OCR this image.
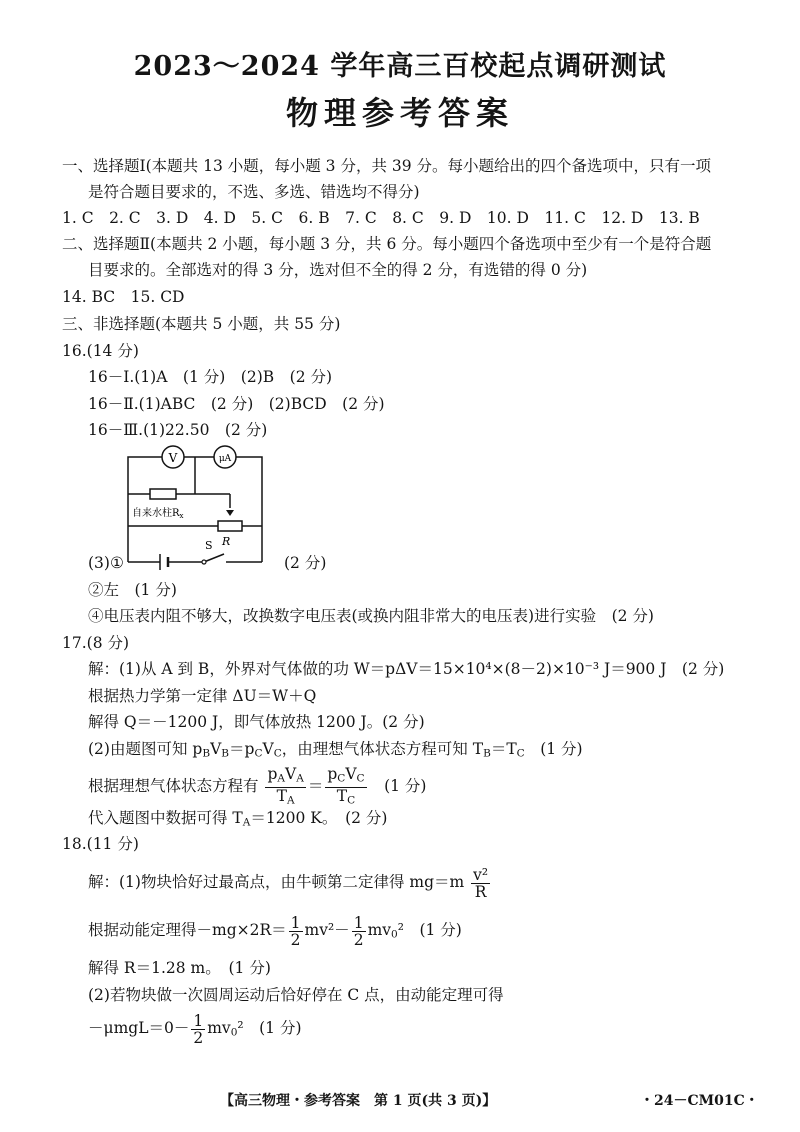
2023～2024 学年高三百校起点调研测试
物理参考答案
一、选择题Ⅰ(本题共 13 小题，每小题 3 分，共 39 分。每小题给出的四个备选项中，只有一项
是符合题目要求的，不选、多选、错选均不得分)
1. C　2. C　3. D　4. D　5. C　6. B　7. C　8. C　9. D　10. D　11. C　12. D　13. B
二、选择题Ⅱ(本题共 2 小题，每小题 3 分，共 6 分。每小题四个备选项中至少有一个是符合题
目要求的。全部选对的得 3 分，选对但不全的得 2 分，有选错的得 0 分)
14. BC　15. CD
三、非选择题(本题共 5 小题，共 55 分)
16.(14 分)
16－Ⅰ.(1)A　(1 分)　(2)B　(2 分)
16－Ⅱ.(1)ABC　(2 分)　(2)BCD　(2 分)
16－Ⅲ.(1)22.50　(2 分)
V	μA
自来水柱$R_x$
R
S
(3)①	(2 分)
②左　(1 分)
④电压表内阻不够大，改换数字电压表(或换内阻非常大的电压表)进行实验　(2 分)
17.(8 分)
解：(1)从 A 到 B，外界对气体做的功 W＝pΔV＝15×10⁴×(8－2)×10⁻³ J＝900 J　(2 分)
根据热力学第一定律 ΔU＝W＋Q
解得 Q＝－1200 J，即气体放热 1200 J。(2 分)
(2)由题图可知 $p_BV_B=p_CV_C$，由理想气体状态方程可知 $T_B=T_C$　(1 分)
根据理想气体状态方程有 $\frac{p_AV_A}{T_A} = \frac{p_CV_C}{T_C}$ 　(1 分)
代入题图中数据可得 $T_A=1200$ K。　(2 分)
18.(11 分)
解：(1)物块恰好过最高点，由牛顿第二定律得 $mg=m \frac{\text{v²}}{R}$
根据动能定理得$-mg\times 2R= \frac{1}{2} mv^2- \frac{1}{2} mv_0^2$　(1 分)
解得 R＝1.28 m。　(1 分)
(2)若物块做一次圆周运动后恰好停在 C 点，由动能定理可得
$-\mu mgL=0- \frac{1}{2} mv_0^2$　(1 分)
【高三物理・参考答案　第 1 页(共 3 页)】	・24－CM01C・
